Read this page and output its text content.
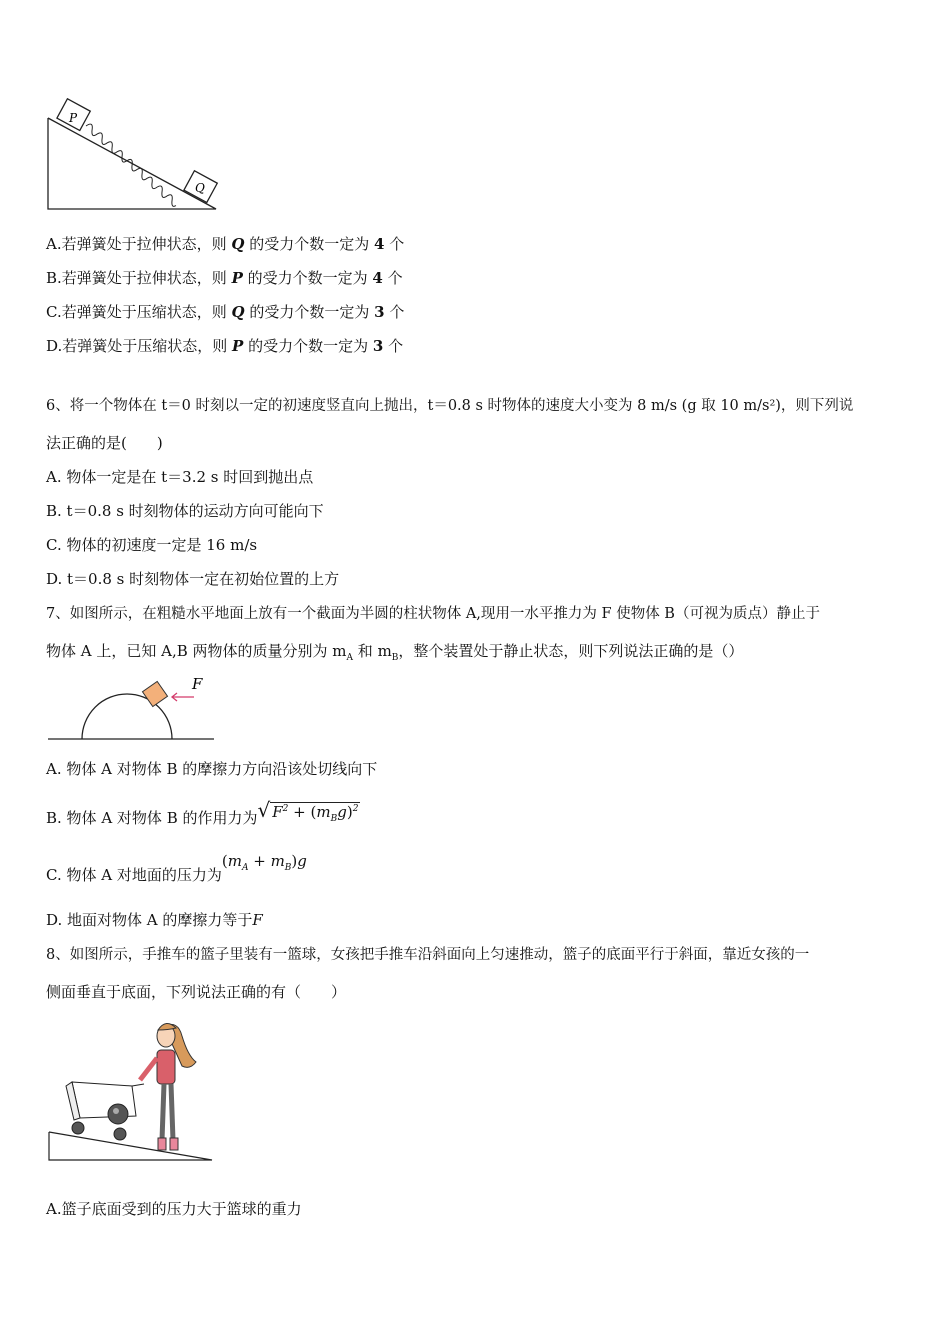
P
Q
A.若弹簧处于拉伸状态，则 Q 的受力个数一定为 4 个
B.若弹簧处于拉伸状态，则 P 的受力个数一定为 4 个
C.若弹簧处于压缩状态，则 Q 的受力个数一定为 3 个
D.若弹簧处于压缩状态，则 P 的受力个数一定为 3 个
6、将一个物体在 t＝0 时刻以一定的初速度竖直向上抛出，t＝0.8 s 时物体的速度大小变为 8 m/s (g 取 10 m/s²)，则下列说
法正确的是(　　)
A. 物体一定是在 t＝3.2 s 时回到抛出点
B. t＝0.8 s 时刻物体的运动方向可能向下
C. 物体的初速度一定是 16 m/s
D. t＝0.8 s 时刻物体一定在初始位置的上方
7、如图所示，在粗糙水平地面上放有一个截面为半圆的柱状物体 A,现用一水平推力为 F 使物体 B（可视为质点）静止于
物体 A 上，已知 A,B 两物体的质量分别为 $m_A$ 和 $m_B$，整个装置处于静止状态，则下列说法正确的是（）
F
A. 物体 A 对物体 B 的摩擦力方向沿该处切线向下
B. 物体 A 对物体 B 的作用力为√ $F^2 + (m_Bg)^2$
C. 物体 A 对地面的压力为$(m_A + m_B)g$
D. 地面对物体 A 的摩擦力等于F
8、如图所示，手推车的篮子里装有一篮球，女孩把手推车沿斜面向上匀速推动，篮子的底面平行于斜面，靠近女孩的一
侧面垂直于底面，下列说法正确的有（　　）
A.篮子底面受到的压力大于篮球的重力
